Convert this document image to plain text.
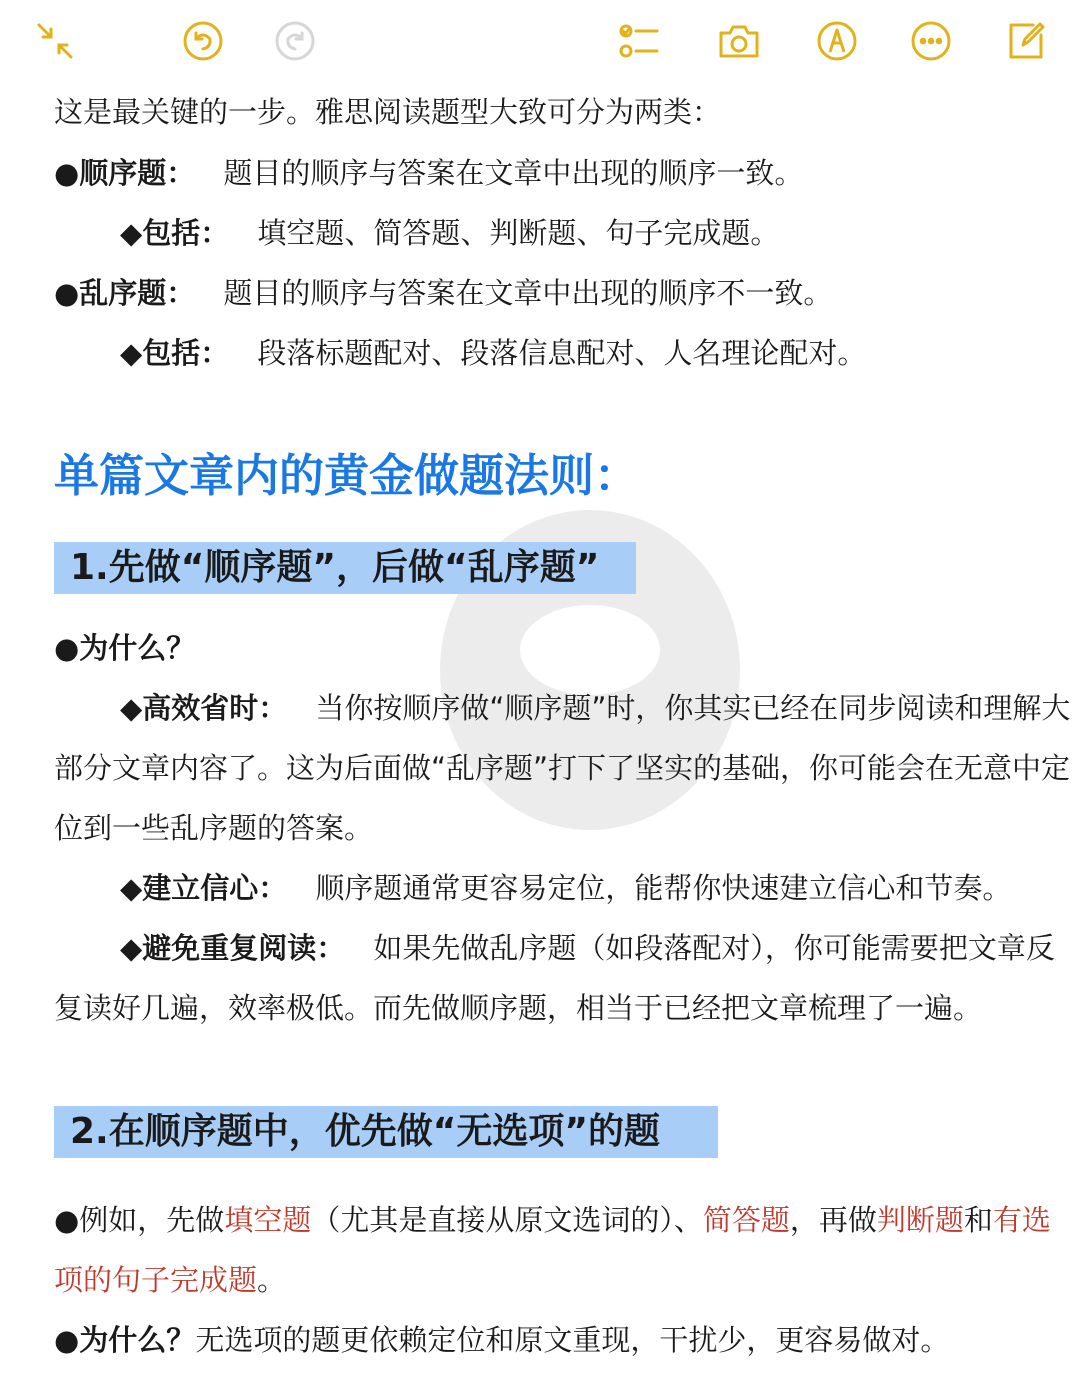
这是最关键的一步。雅思阅读题型大致可分为两类：
●顺序题： 题目的顺序与答案在文章中出现的顺序一致。
◆包括： 填空题、简答题、判断题、句子完成题。
●乱序题： 题目的顺序与答案在文章中出现的顺序不一致。
◆包括： 段落标题配对、段落信息配对、人名理论配对。
单篇文章内的黄金做题法则：
1.先做“顺序题”，后做“乱序题”
●为什么？
◆高效省时： 当你按顺序做“顺序题”时，你其实已经在同步阅读和理解大
部分文章内容了。这为后面做“乱序题”打下了坚实的基础，你可能会在无意中定
位到一些乱序题的答案。
◆建立信心： 顺序题通常更容易定位，能帮你快速建立信心和节奏。
◆避免重复阅读： 如果先做乱序题（如段落配对），你可能需要把文章反
复读好几遍，效率极低。而先做顺序题，相当于已经把文章梳理了一遍。
2.在顺序题中，优先做“无选项”的题
●例如，先做填空题（尤其是直接从原文选词的）、简答题，再做判断题和有选
项的句子完成题。
●为什么？无选项的题更依赖定位和原文重现，干扰少，更容易做对。
